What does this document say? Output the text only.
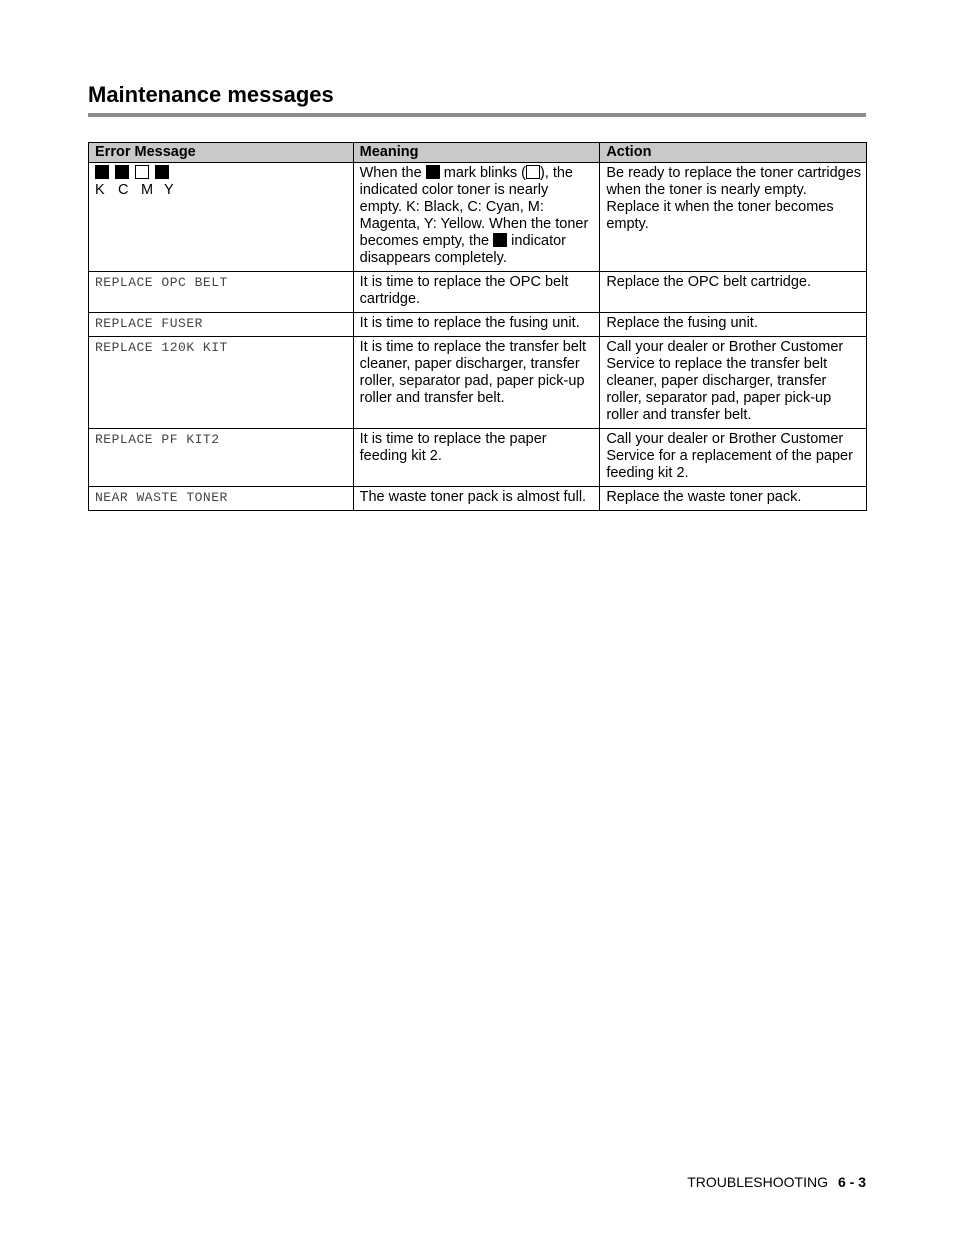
Maintenance messages
Error Message	Meaning	Action

K C M Y	When the  mark blinks ( ), the indicated color toner is nearly empty. K: Black, C: Cyan, M: Magenta, Y: Yellow. When the toner becomes empty, the  indicator disappears completely.	Be ready to replace the toner cartridges when the toner is nearly empty. Replace it when the toner becomes empty.
REPLACE OPC BELT	It is time to replace the OPC belt cartridge.	Replace the OPC belt cartridge.
REPLACE FUSER	It is time to replace the fusing unit.	Replace the fusing unit.
REPLACE 120K KIT	It is time to replace the transfer belt cleaner, paper discharger, transfer roller, separator pad, paper pick-up roller and transfer belt.	Call your dealer or Brother Customer Service to replace the transfer belt cleaner, paper discharger, transfer roller, separator pad, paper pick-up roller and transfer belt.
REPLACE PF KIT2	It is time to replace the paper feeding kit 2.	Call your dealer or Brother Customer Service for a replacement of the paper feeding kit 2.
NEAR WASTE TONER	The waste toner pack is almost full.	Replace the waste toner pack.
TROUBLESHOOTING 6 - 3
